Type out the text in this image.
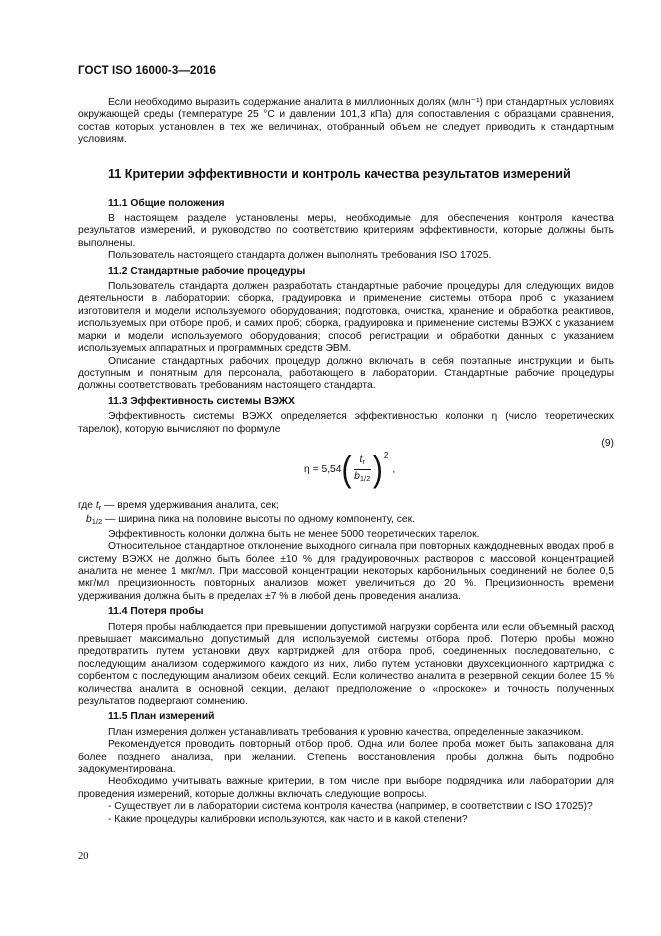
ГОСТ ISO 16000-3—2016

Если необходимо выразить содержание аналита в миллионных долях (млн⁻¹) при стандартных условиях окружающей среды (температуре 25 °С и давлении 101,3 кПа) для сопоставления с образцами сравнения, состав которых установлен в тех же величинах, отобранный объем не следует приводить к стандартным условиям.

11 Критерии эффективности и контроль качества результатов измерений
11.1 Общие положения

В настоящем разделе установлены меры, необходимые для обеспечения контроля качества результатов измерений, и руководство по соответствию критериям эффективности, которые должны быть выполнены.

Пользователь настоящего стандарта должен выполнять требования ISO 17025.

11.2 Стандартные рабочие процедуры

Пользователь стандарта должен разработать стандартные рабочие процедуры для следующих видов деятельности в лаборатории: сборка, градуировка и применение системы отбора проб с указанием изготовителя и модели используемого оборудования; подготовка, очистка, хранение и обработка реактивов, используемых при отборе проб, и самих проб; сборка, градуировка и применение системы ВЭЖХ с указанием марки и модели используемого оборудования; способ регистрации и обработки данных с указанием используемых аппаратных и программных средств ЭВМ.

Описание стандартных рабочих процедур должно включать в себя поэтапные инструкции и быть доступным и понятным для персонала, работающего в лаборатории. Стандартные рабочие процедуры должны соответствовать требованиям настоящего стандарта.

11.3 Эффективность системы ВЭЖХ

Эффективность системы ВЭЖХ определяется эффективностью колонки η (число теоретических тарелок), которую вычисляют по формуле

η = 5,54 ( $\frac{t_r}{b_{1/2}}$ ) 2
,
(9)

где $t_r$ — время удерживания аналита, сек;

$b_{1/2}$ — ширина пика на половине высоты по одному компоненту, сек.

Эффективность колонки должна быть не менее 5000 теоретических тарелок.

Относительное стандартное отклонение выходного сигнала при повторных каждодневных вводах проб в систему ВЭЖХ не должно быть более ±10 % для градуировочных растворов с массовой концентрацией аналита не менее 1 мкг/мл. При массовой концентрации некоторых карбонильных соединений не более 0,5 мкг/мл прецизионность повторных анализов может увеличиться до 20 %. Прецизионность времени удерживания должна быть в пределах ±7 % в любой день проведения анализа.

11.4 Потеря пробы

Потеря пробы наблюдается при превышении допустимой нагрузки сорбента или если объемный расход превышает максимально допустимый для используемой системы отбора проб. Потерю пробы можно предотвратить путем установки двух картриджей для отбора проб, соединенных последовательно, с последующим анализом содержимого каждого из них, либо путем установки двухсекционного картриджа с сорбентом с последующим анализом обеих секций. Если количество аналита в резервной секции более 15 % количества аналита в основной секции, делают предположение о «проскоке» и точность полученных результатов подвергают сомнению.

11.5 План измерений

План измерения должен устанавливать требования к уровню качества, определенные заказчиком.

Рекомендуется проводить повторный отбор проб. Одна или более проба может быть запакована для более позднего анализа, при желании. Степень восстановления пробы должна быть подробно задокументирована.

Необходимо учитывать важные критерии, в том числе при выборе подрядчика или лаборатории для проведения измерений, которые должны включать следующие вопросы.

- Существует ли в лаборатории система контроля качества (например, в соответствии с ISO 17025)?

- Какие процедуры калибровки используются, как часто и в какой степени?

20
